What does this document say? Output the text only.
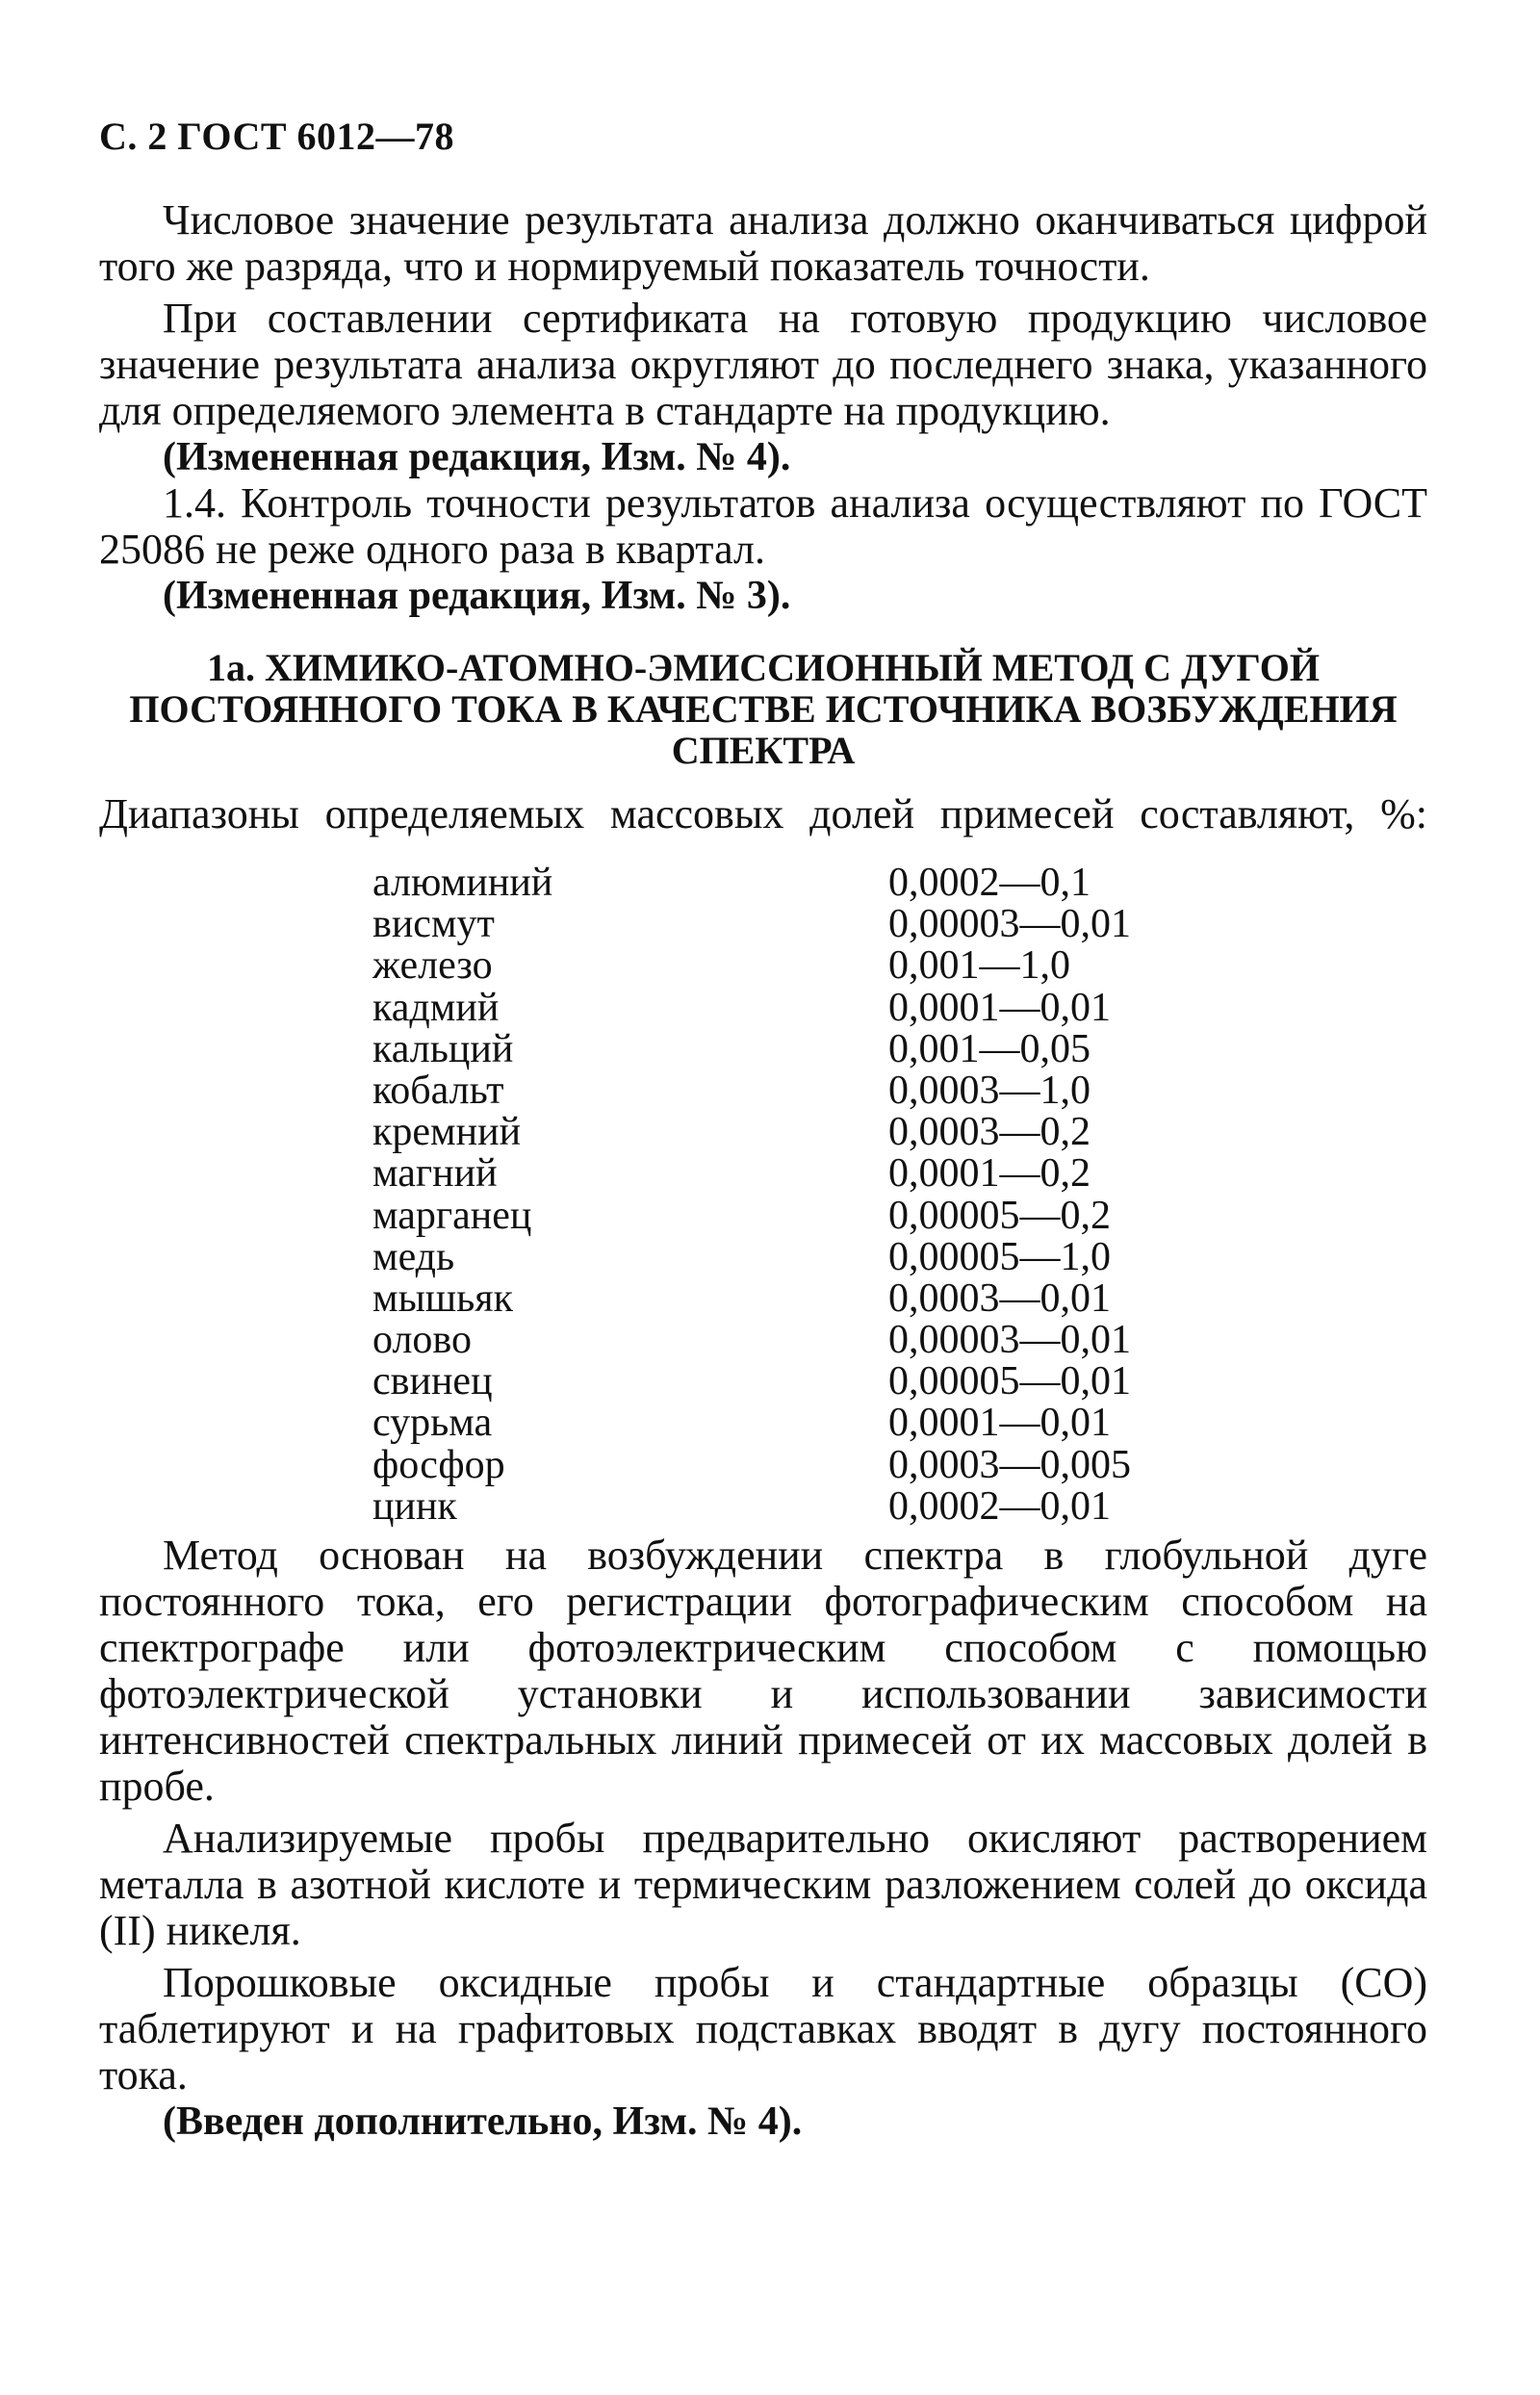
С. 2 ГОСТ 6012—78

Числовое значение результата анализа должно оканчиваться цифрой того же разряда, что и нормируемый показатель точности.

При составлении сертификата на готовую продукцию числовое значение результата анализа округляют до последнего знака, указанного для определяемого элемента в стандарте на продукцию.

(Измененная редакция, Изм. № 4).

1.4. Контроль точности результатов анализа осуществляют по ГОСТ 25086 не реже одного раза в квартал.

(Измененная редакция, Изм. № 3).

1а. ХИМИКО-АТОМНО-ЭМИССИОННЫЙ МЕТОД С ДУГОЙ
ПОСТОЯННОГО ТОКА В КАЧЕСТВЕ ИСТОЧНИКА ВОЗБУЖДЕНИЯ
СПЕКТРА
Диапазоны определяемых массовых долей примесей составляют, %:
алюминий	0,0002—0,1
висмут	0,00003—0,01
железо	0,001—1,0
кадмий	0,0001—0,01
кальций	0,001—0,05
кобальт	0,0003—1,0
кремний	0,0003—0,2
магний	0,0001—0,2
марганец	0,00005—0,2
медь	0,00005—1,0
мышьяк	0,0003—0,01
олово	0,00003—0,01
свинец	0,00005—0,01
сурьма	0,0001—0,01
фосфор	0,0003—0,005
цинк	0,0002—0,01

Метод основан на возбуждении спектра в глобульной дуге постоянного тока, его регистрации фотографическим способом на спектрографе или фотоэлектрическим способом с помощью фотоэлектрической установки и использовании зависимости интенсивностей спектральных линий примесей от их массовых долей в пробе.

Анализируемые пробы предварительно окисляют растворением металла в азотной кислоте и термическим разложением солей до оксида (II) никеля.

Порошковые оксидные пробы и стандартные образцы (СО) таблетируют и на графитовых подставках вводят в дугу постоянного тока.

(Введен дополнительно, Изм. № 4).
